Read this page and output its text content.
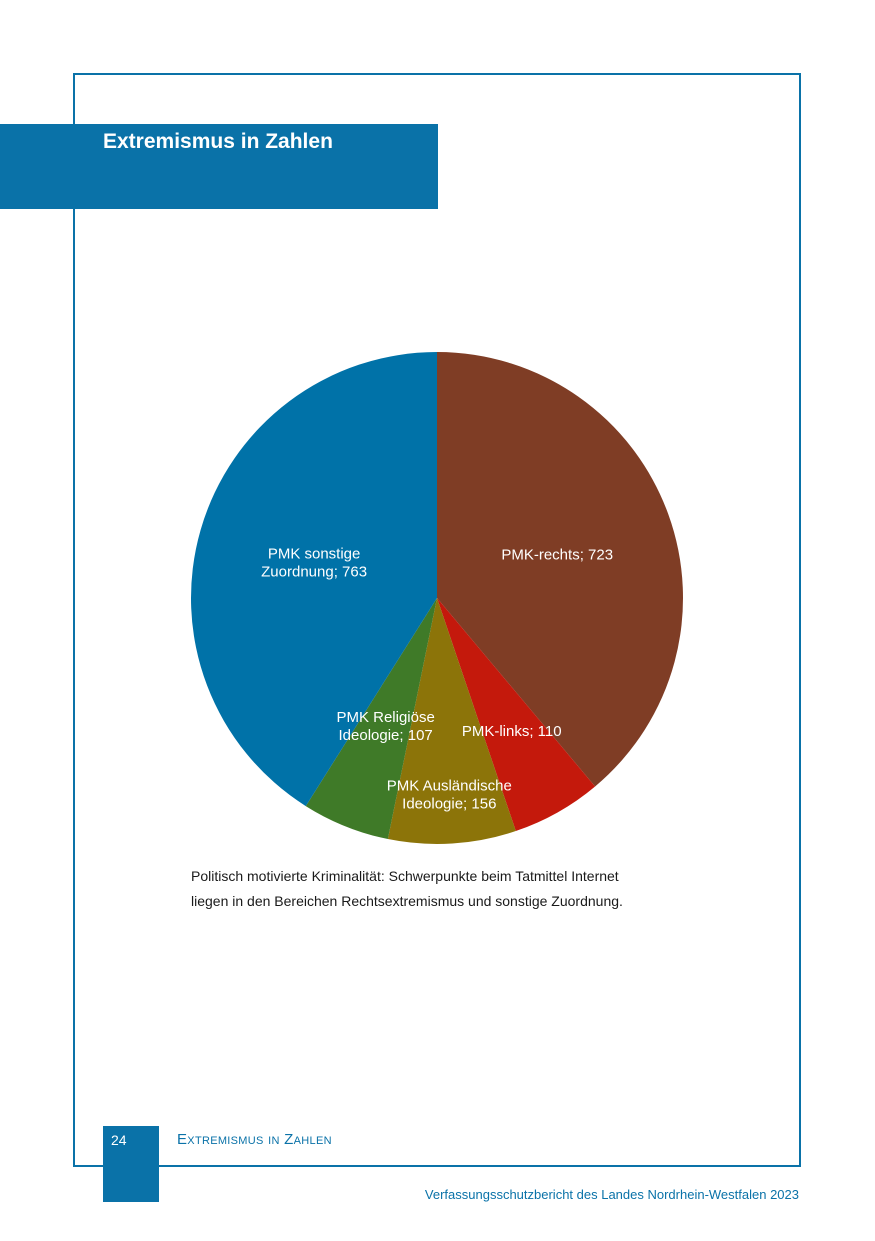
Extremismus in Zahlen
PMK-rechts; 723
PMK-links; 110
PMK Ausländische Ideologie; 156
PMK Religiöse Ideologie; 107
PMK sonstige Zuordnung; 763
Politisch motivierte Kriminalität: Schwerpunkte beim Tatmittel Internet
liegen in den Bereichen Rechtsextremismus und sonstige Zuordnung.
24	Extremismus in Zahlen
Verfassungsschutzbericht des Landes Nordrhein-Westfalen 2023
